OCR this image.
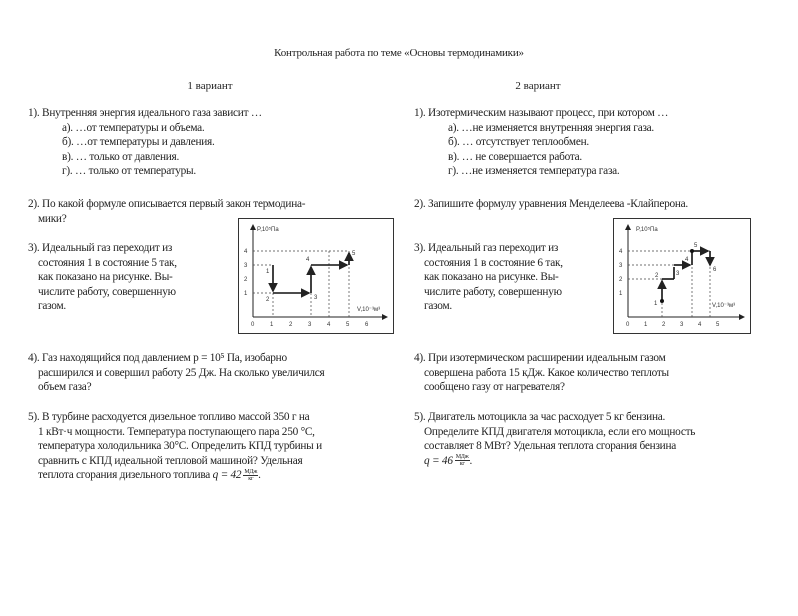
Контрольная работа по теме «Основы термодинамики»
1 вариант	2 вариант
1). Внутренняя энергия идеального газа зависит …
а). …от температуры и объема.
б). …от температуры и давления.
в). … только от давления.
г). … только от температуры.
2). По какой формуле описывается первый закон термодина-
мики?
3). Идеальный газ переходит из
состояния 1 в состояние 5 так,
как показано на рисунке. Вы-
числите работу, совершенную
газом.
P,10⁵Па
V,10⁻³м³
4
3
2
1
0	1	2	3	4	5	6
1
2	3
4
5
4). Газ находящийся под давлением p = 10⁵ Па, изобарно
расширился и совершил работу 25 Дж. На сколько увеличился
объем газа?
5). В турбине расходуется дизельное топливо массой 350 г на
1 кВт·ч мощности. Температура поступающего пара 250 °C,
температура холодильника 30°C. Определить КПД турбины и
сравнить с КПД идеальной тепловой машиной? Удельная
теплота сгорания дизельного топлива $q = 42 \frac{\text{МДж}}{кг}$ .
1). Изотермическим называют процесс, при котором …
а). …не изменяется внутренняя энергия газа.
б). … отсутствует теплообмен.
в). … не совершается работа.
г). …не изменяется температура газа.
2). Запишите формулу уравнения Менделеева -Клайперона.
3). Идеальный газ переходит из
состояния 1 в состояние 6 так,
как показано на рисунке. Вы-
числите работу, совершенную
газом.
P,10⁵Па
V,10⁻³м³
4
3
2
1
0 1 2 3 4 5
1
2	3
4
5
6
4). При изотермическом расширении идеальным газом
совершена работа 15 кДж. Какое количество теплоты
сообщено газу от нагревателя?
5). Двигатель мотоцикла за час расходует 5 кг бензина.
Определите КПД двигателя мотоцикла, если его мощность
составляет 8 МВт? Удельная теплота сгорания бензина
$q = 46 \frac{\text{МДж}}{кг}$ .
